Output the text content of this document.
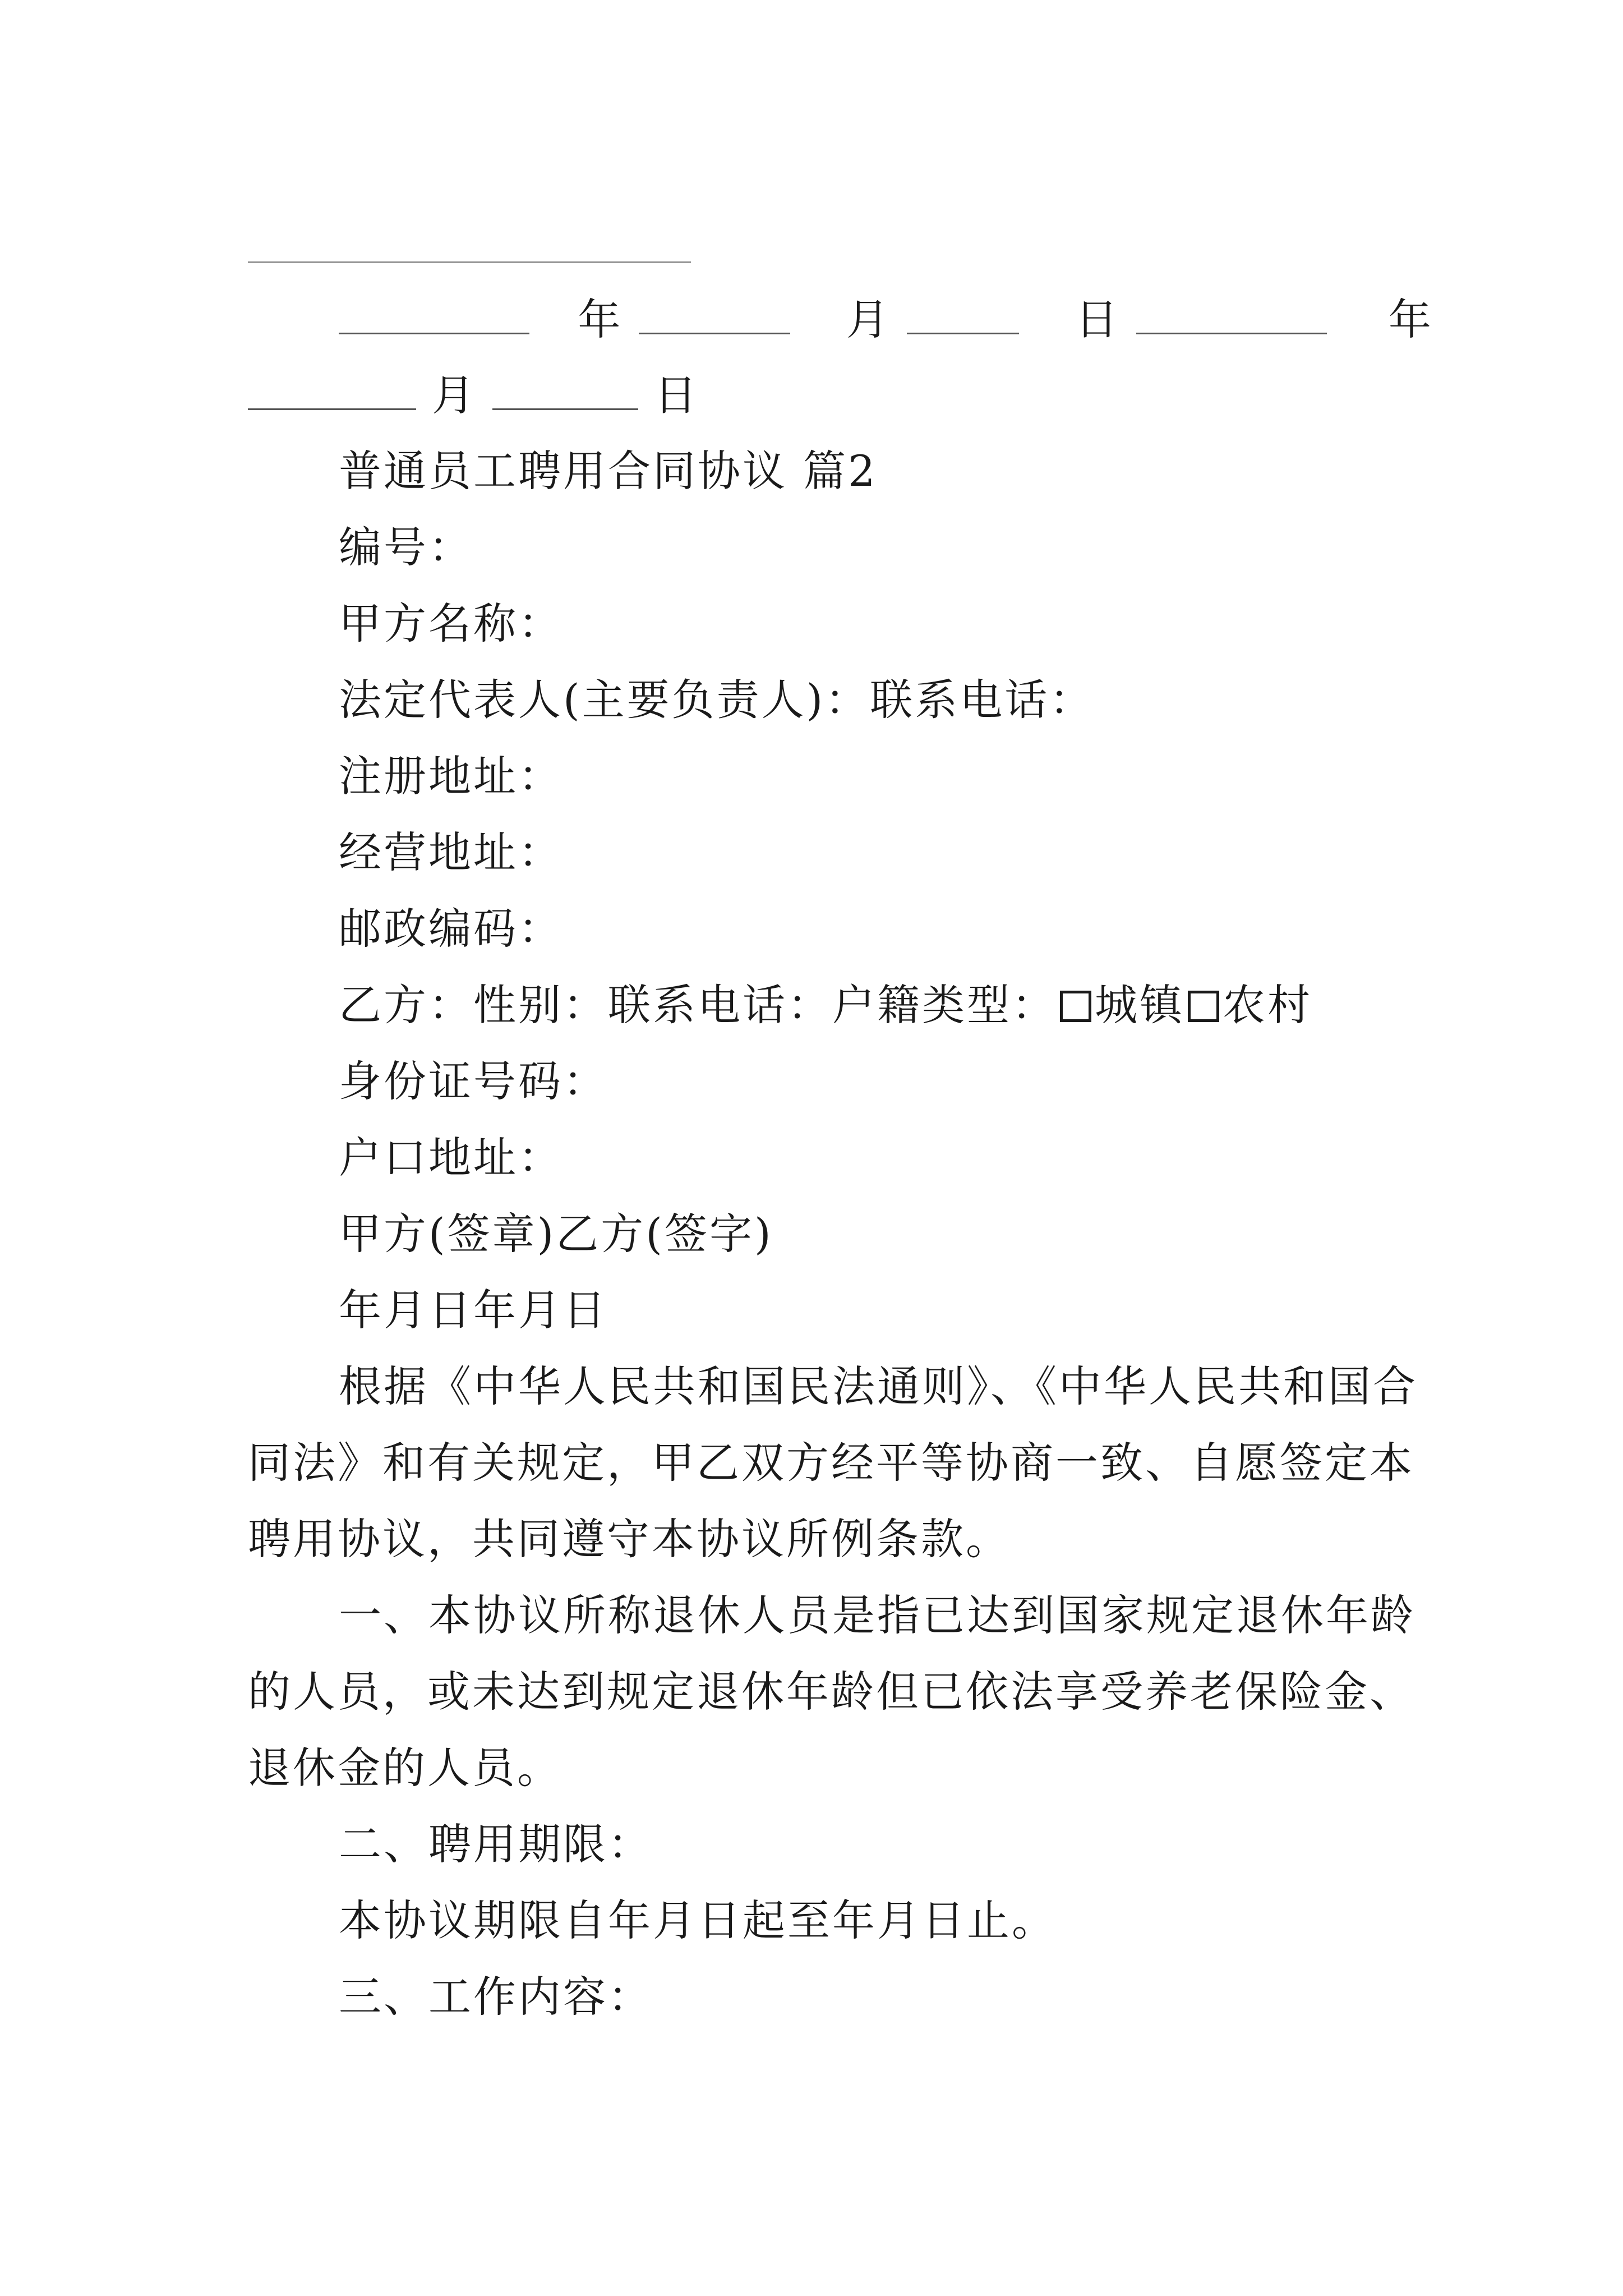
年	月	日	年
月	日
普通员工聘用合同协议 篇2
编号：
甲方名称：
法定代表人(主要负责人)：联系电话：
注册地址：
经营地址：
邮政编码：
乙方：性别：联系电话：户籍类型： 城镇 农村
身份证号码：
户口地址：
甲方(签章)乙方(签字)
年月日年月日
根据《中华人民共和国民法通则》、《中华人民共和国合
同法》和有关规定，甲乙双方经平等协商一致、自愿签定本
聘用协议，共同遵守本协议所例条款。
一、本协议所称退休人员是指已达到国家规定退休年龄
的人员，或未达到规定退休年龄但已依法享受养老保险金、
退休金的人员。
二、聘用期限：
本协议期限自年月日起至年月日止。
三、工作内容：
